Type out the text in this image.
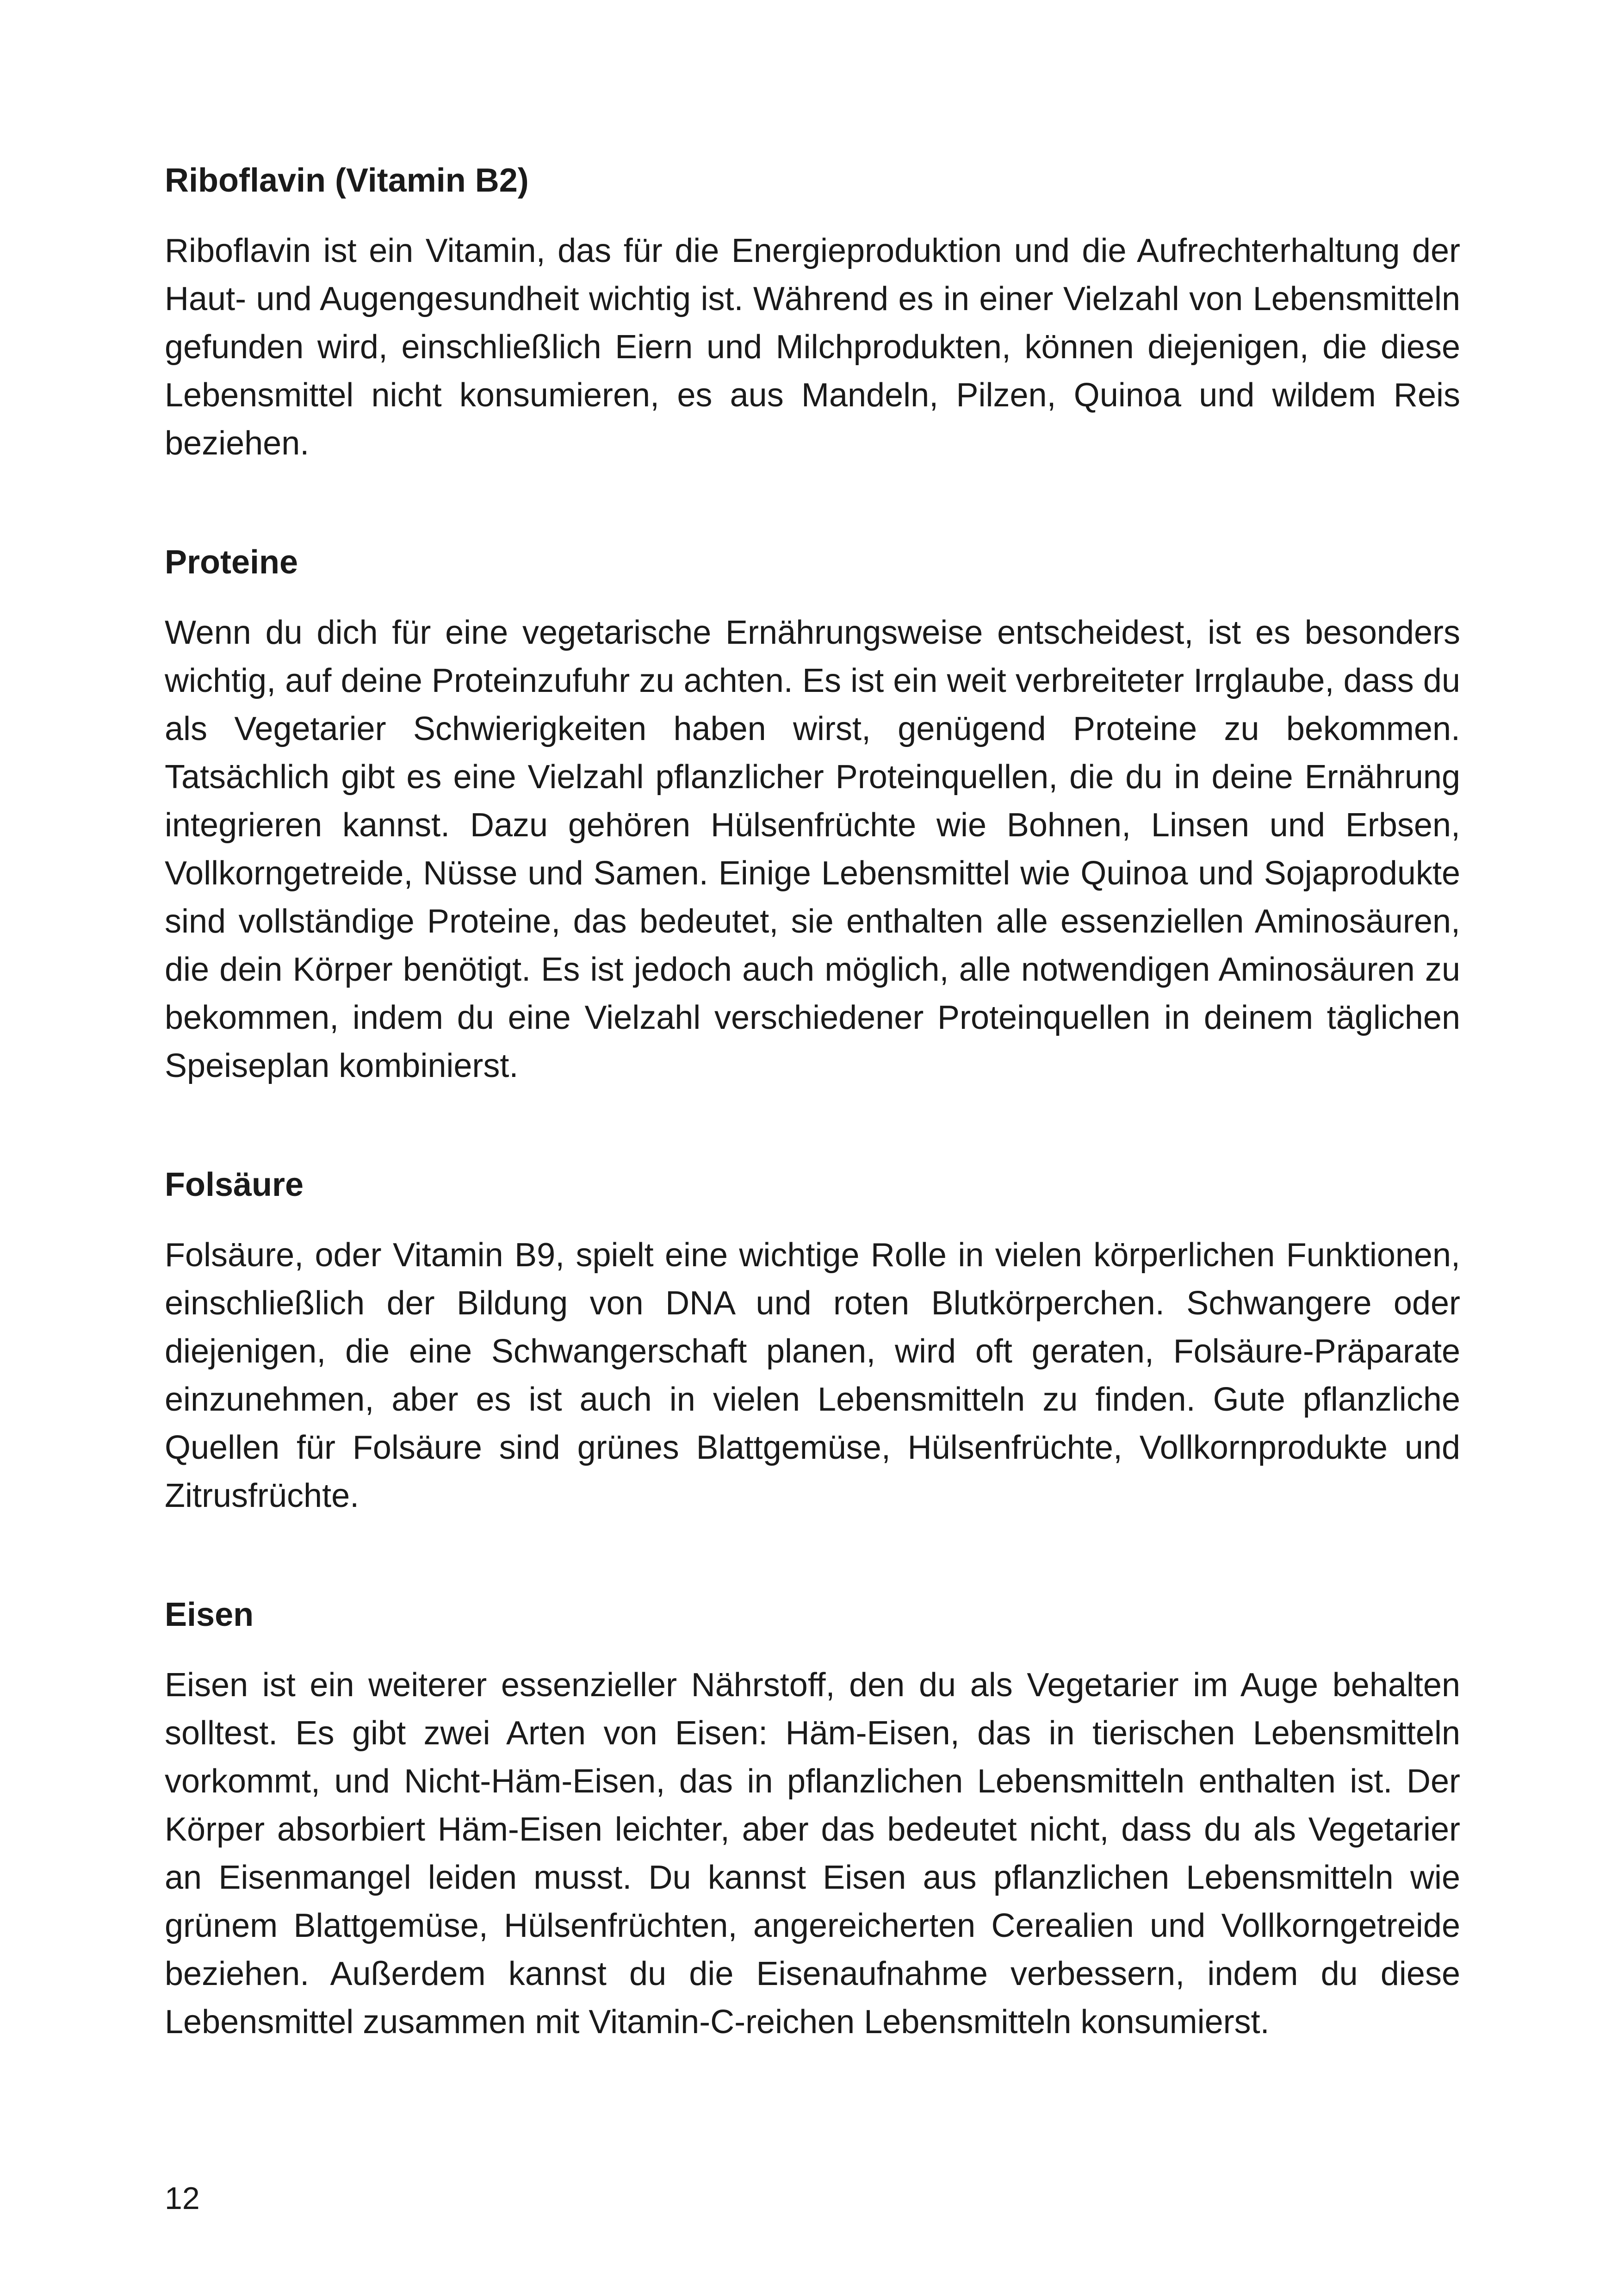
Riboflavin (Vitamin B2)
Riboflavin ist ein Vitamin, das für die Energieproduktion und die Aufrechterhaltung der Haut- und Augengesundheit wichtig ist. Während es in einer Vielzahl von Lebensmitteln gefunden wird, einschließlich Eiern und Milchprodukten, können diejenigen, die diese Lebensmittel nicht konsumieren, es aus Mandeln, Pilzen, Quinoa und wildem Reis beziehen.
Proteine
Wenn du dich für eine vegetarische Ernährungsweise entscheidest, ist es besonders wichtig, auf deine Proteinzufuhr zu achten. Es ist ein weit verbreiteter Irrglaube, dass du als Vegetarier Schwierigkeiten haben wirst, genügend Proteine zu bekommen. Tatsächlich gibt es eine Vielzahl pflanzlicher Proteinquellen, die du in deine Ernährung integrieren kannst. Dazu gehören Hülsenfrüchte wie Bohnen, Linsen und Erbsen, Vollkorngetreide, Nüsse und Samen. Einige Lebensmittel wie Quinoa und Sojaprodukte sind vollständige Proteine, das bedeutet, sie enthalten alle essenziellen Aminosäuren, die dein Körper benötigt. Es ist jedoch auch möglich, alle notwendigen Aminosäuren zu bekommen, indem du eine Vielzahl verschiedener Proteinquellen in deinem täglichen Speiseplan kombinierst.
Folsäure
Folsäure, oder Vitamin B9, spielt eine wichtige Rolle in vielen körperlichen Funktionen, einschließlich der Bildung von DNA und roten Blutkörperchen. Schwangere oder diejenigen, die eine Schwangerschaft planen, wird oft geraten, Folsäure-Präparate einzunehmen, aber es ist auch in vielen Lebensmitteln zu finden. Gute pflanzliche Quellen für Folsäure sind grünes Blattgemüse, Hülsenfrüchte, Vollkornprodukte und Zitrusfrüchte.
Eisen
Eisen ist ein weiterer essenzieller Nährstoff, den du als Vegetarier im Auge behalten solltest. Es gibt zwei Arten von Eisen: Häm-Eisen, das in tierischen Lebensmitteln vorkommt, und Nicht-Häm-Eisen, das in pflanzlichen Lebensmitteln enthalten ist. Der Körper absorbiert Häm-Eisen leichter, aber das bedeutet nicht, dass du als Vegetarier an Eisenmangel leiden musst. Du kannst Eisen aus pflanzlichen Lebensmitteln wie grünem Blattgemüse, Hülsenfrüchten, angereicherten Cerealien und Vollkorngetreide beziehen. Außerdem kannst du die Eisenaufnahme verbessern, indem du diese Lebensmittel zusammen mit Vitamin-C-reichen Lebensmitteln konsumierst.
12
